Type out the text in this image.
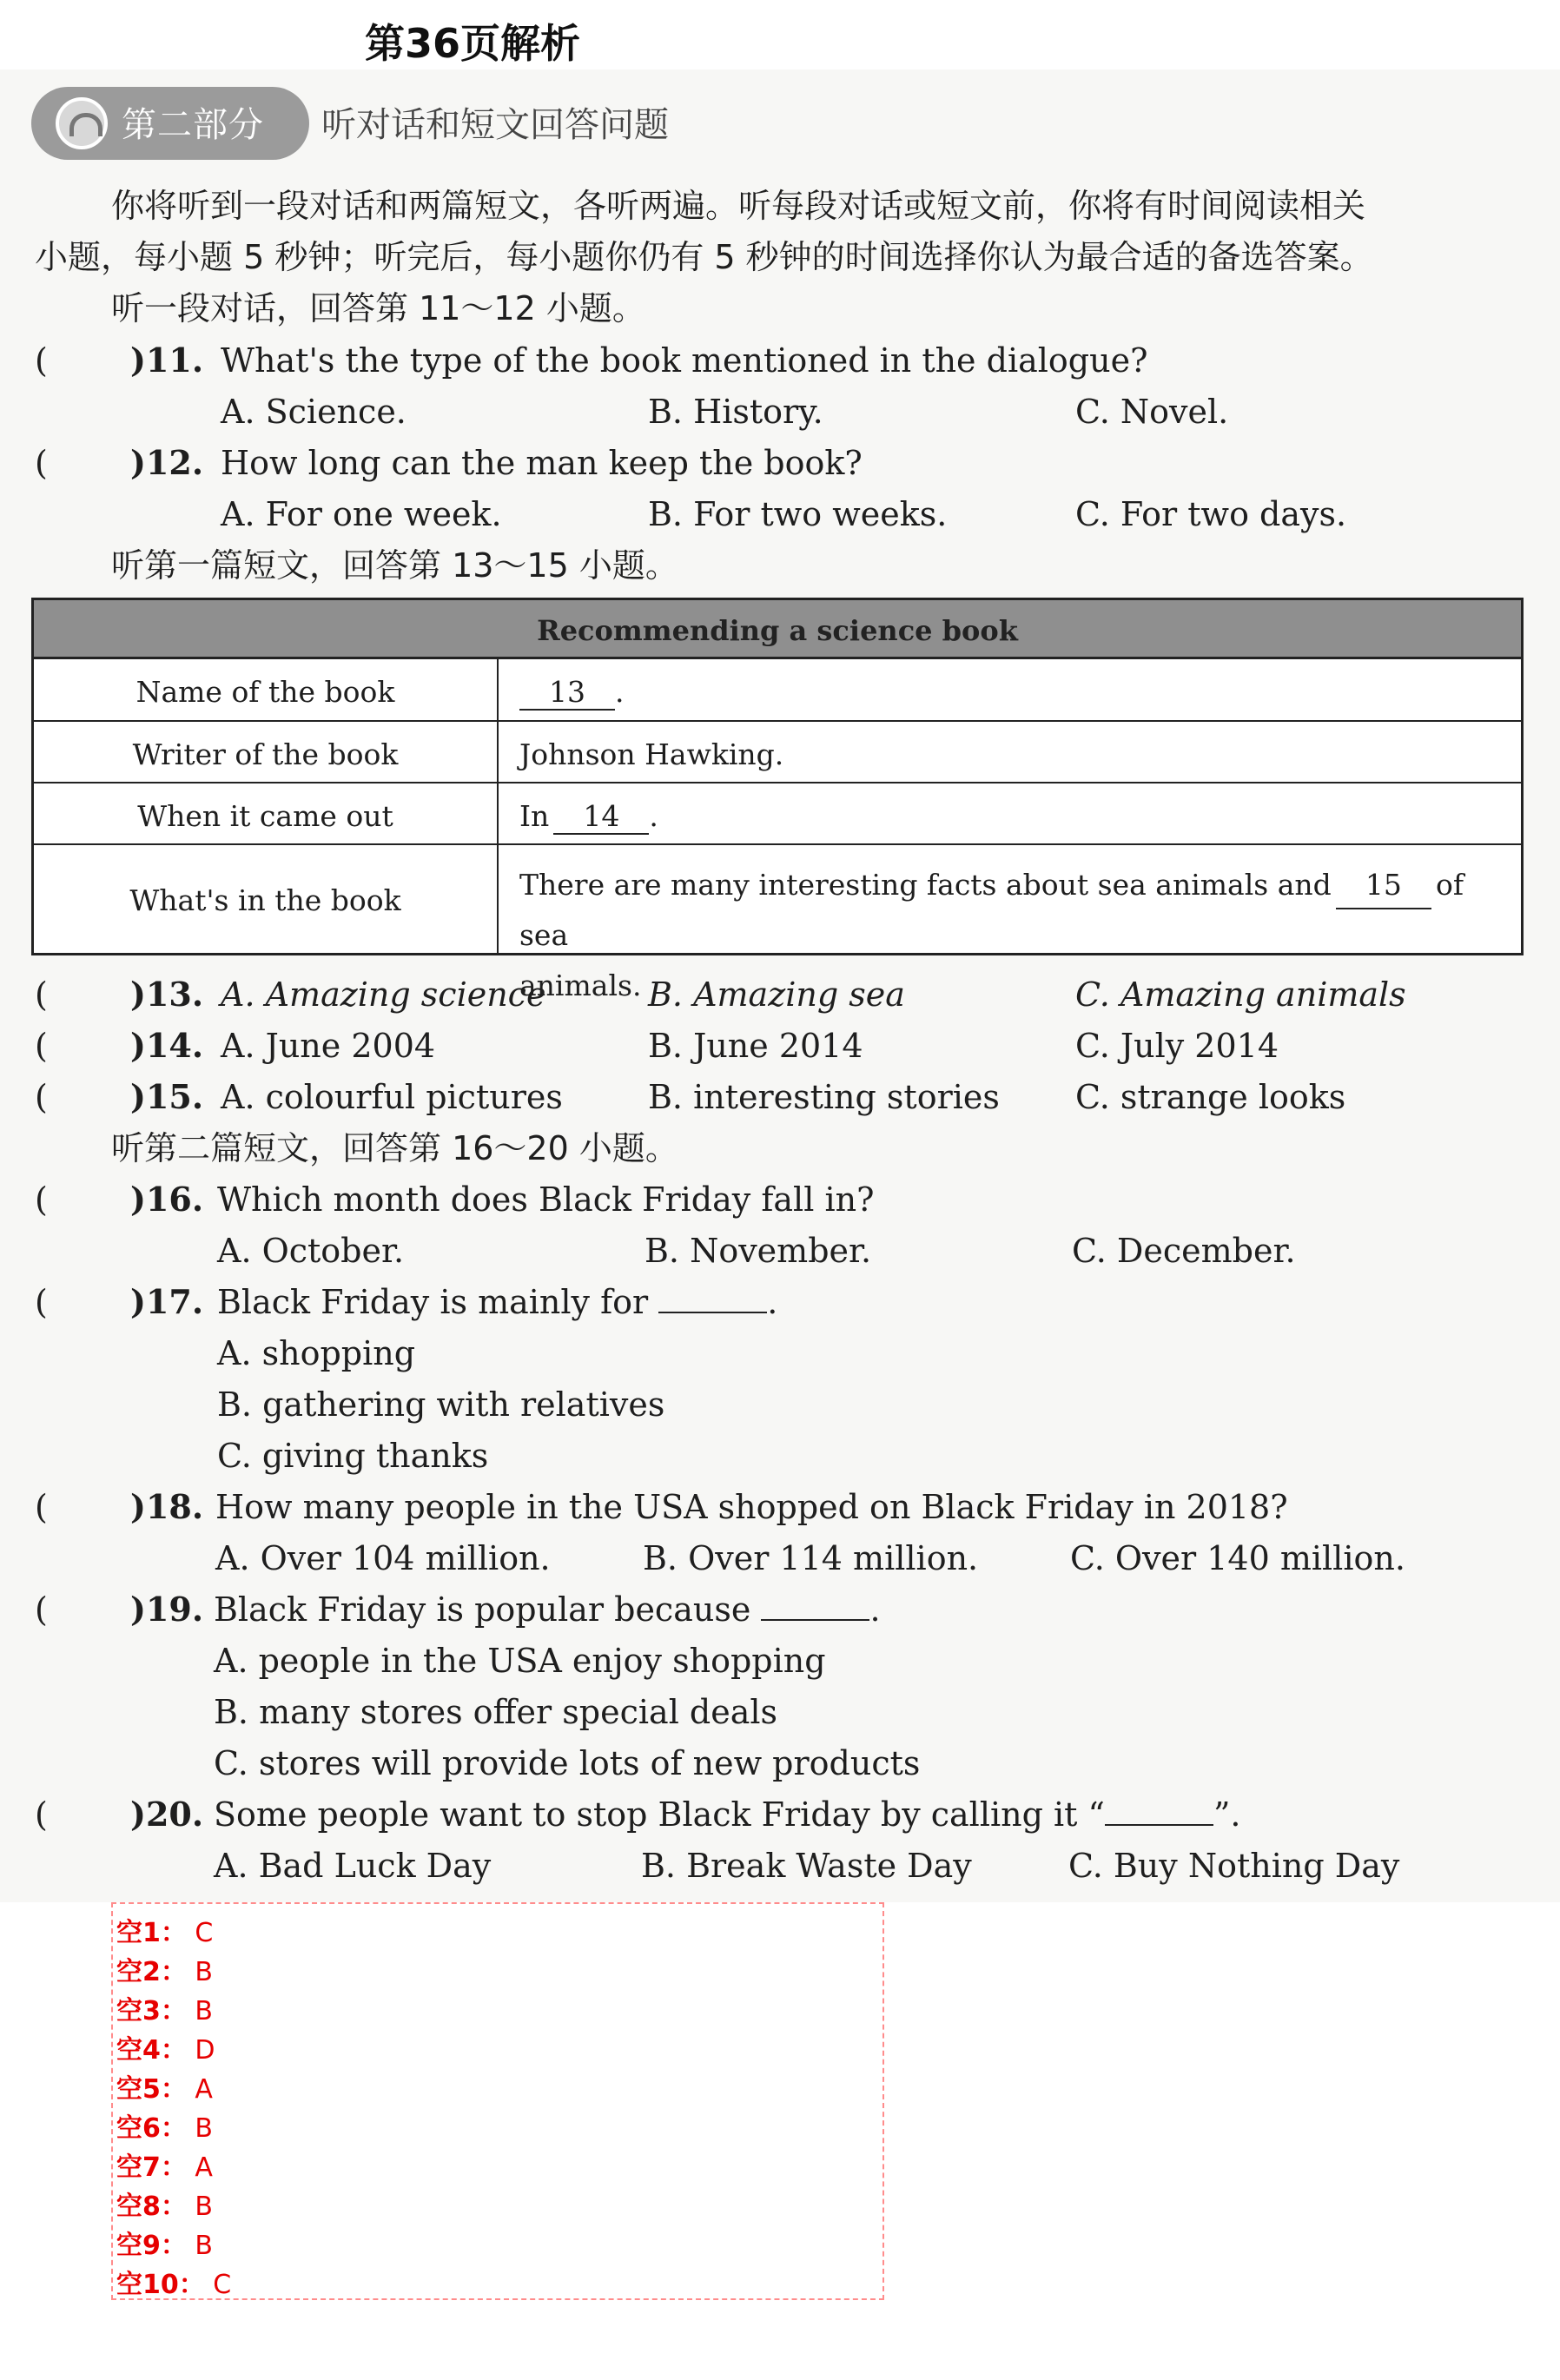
第36页解析
第二部分 听对话和短文回答问题
你将听到一段对话和两篇短文，各听两遍。听每段对话或短文前，你将有时间阅读相关
小题，每小题 5 秒钟；听完后，每小题你仍有 5 秒钟的时间选择你认为最合适的备选答案。
听一段对话，回答第 11～12 小题。
(	)11. What's the type of the book mentioned in the dialogue?
A. Science.	B. History.	C. Novel.
(	)12. How long can the man keep the book?
A. For one week.	B. For two weeks.	C. For two days.
听第一篇短文，回答第 13～15 小题。
Recommending a science book
Name of the book	13 .
Writer of the book	Johnson Hawking.
When it came out	In 14 .
What's in the book	There are many interesting facts about sea animals and 15 of sea
animals.
(	)13. A. Amazing science	B. Amazing sea	C. Amazing animals
(	)14. A. June 2004	B. June 2014	C. July 2014
(	)15. A. colourful pictures	B. interesting stories C. strange looks
听第二篇短文，回答第 16～20 小题。
(	)16. Which month does Black Friday fall in?
A. October.	B. November.	C. December.
(	)17. Black Friday is mainly for	.
A. shopping
B. gathering with relatives
C. giving thanks
(	)18. How many people in the USA shopped on Black Friday in 2018?
A. Over 104 million.	B. Over 114 million.	C. Over 140 million.
(	)19. Black Friday is popular because	.
A. people in the USA enjoy shopping
B. many stores offer special deals
C. stores will provide lots of new products
(	)20. Some people want to stop Black Friday by calling it “	”.
A. Bad Luck Day	B. Break Waste Day	C. Buy Nothing Day
空1： C
空2： B
空3： B
空4： D
空5： A
空6： B
空7： A
空8： B
空9： B
空10： C
